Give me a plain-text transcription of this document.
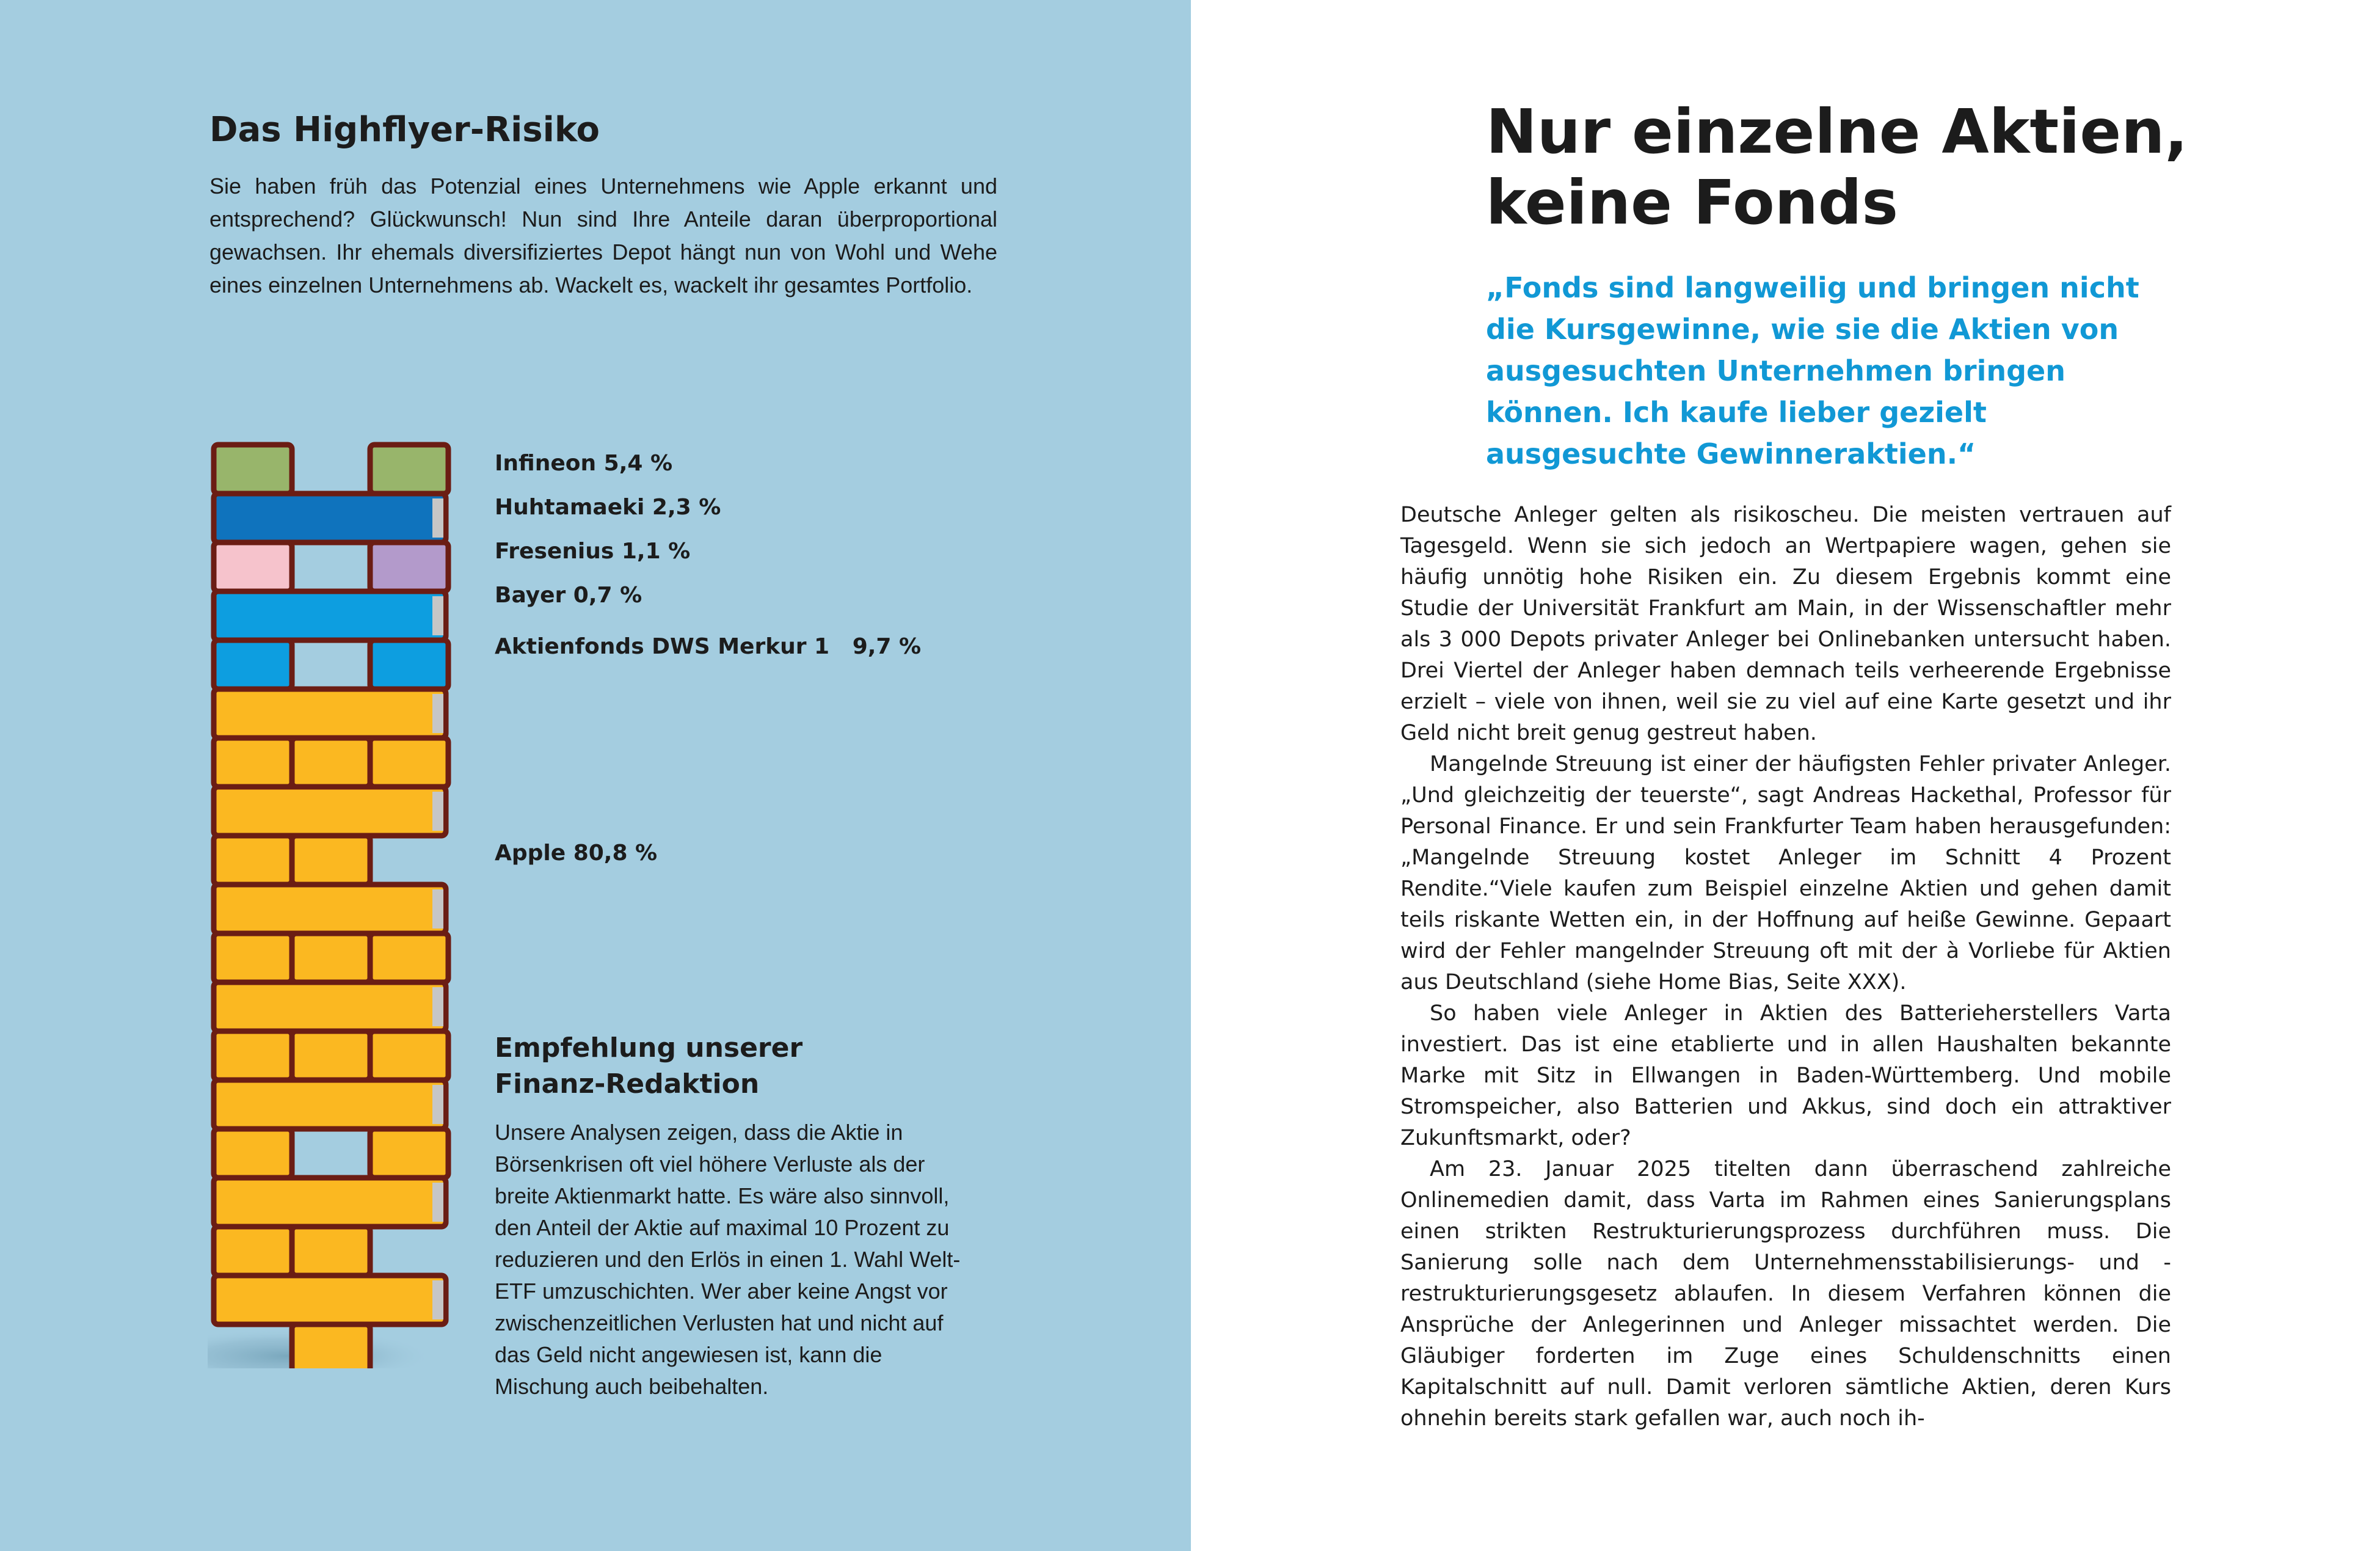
Das Highflyer-Risiko

Sie haben früh das Potenzial eines Unternehmens wie Apple erkannt und entsprechend? Glückwunsch! Nun sind Ihre Anteile daran überproportional gewachsen. Ihr ehemals diversifiziertes Depot hängt nun von Wohl und Wehe eines einzelnen Unternehmens ab. Wackelt es, wackelt ihr gesamtes Portfolio.

Infineon 5,4 %
Huhtamaeki 2,3 %
Fresenius 1,1 %
Bayer 0,7 %
Aktienfonds DWS Merkur 1   9,7 %
Apple 80,8 %
Empfehlung unserer Finanz-Redaktion

Unsere Analysen zeigen, dass die Aktie in Börsenkrisen oft viel höhere Verluste als der breite Aktienmarkt hatte. Es wäre also sinnvoll, den Anteil der Aktie auf maximal 10 Prozent zu reduzieren und den Erlös in einen 1. Wahl Welt-ETF umzuschichten. Wer aber keine Angst vor zwischenzeitlichen Verlusten hat und nicht auf das Geld nicht angewiesen ist, kann die Mischung auch beibehalten.

Nur einzelne Aktien,
keine Fonds

„Fonds sind langweilig und bringen nicht die Kursgewinne, wie sie die Aktien von ausgesuchten Unternehmen bringen können. Ich kaufe lieber gezielt ausgesuchte Gewinneraktien.“

Deutsche Anleger gelten als risikoscheu. Die meisten vertrauen auf Tagesgeld. Wenn sie sich jedoch an Wertpapiere wagen, gehen sie häufig unnötig hohe Risiken ein. Zu diesem Ergebnis kommt eine Studie der Universität Frankfurt am Main, in der Wissenschaftler mehr als 3 000 Depots privater Anleger bei Onlinebanken untersucht haben. Drei Viertel der Anleger haben demnach teils verheerende Ergebnisse erzielt – viele von ihnen, weil sie zu viel auf eine Karte gesetzt und ihr Geld nicht breit genug gestreut haben.

Mangelnde Streuung ist einer der häufigsten Fehler privater Anleger. „Und gleichzeitig der teuerste“, sagt Andreas Hackethal, Professor für Personal Finance. Er und sein Frankfurter Team haben herausgefunden: „Mangelnde Streuung kostet Anleger im Schnitt 4 Prozent Rendite.“Viele kaufen zum Beispiel einzelne Aktien und gehen damit teils riskante Wetten ein, in der Hoffnung auf heiße Gewinne. Gepaart wird der Fehler mangelnder Streuung oft mit der à Vorliebe für Aktien aus Deutschland (siehe Home Bias, Seite XXX).

So haben viele Anleger in Aktien des Batterieherstellers Varta investiert. Das ist eine etablierte und in allen Haushalten bekannte Marke mit Sitz in Ellwangen in Baden-Württemberg. Und mobile Stromspeicher, also Batterien und Akkus, sind doch ein attraktiver Zukunftsmarkt, oder?

Am 23. Januar 2025 titelten dann überraschend zahlreiche Onlinemedien damit, dass Varta im Rahmen eines Sanierungsplans einen strikten Restrukturierungsprozess durchführen muss. Die Sanierung solle nach dem Unternehmensstabilisierungs- und -restrukturierungsgesetz ablaufen. In diesem Verfahren können die Ansprüche der Anlegerinnen und Anleger missachtet werden. Die Gläubiger forderten im Zuge eines Schuldenschnitts einen Kapitalschnitt auf null. Damit verloren sämtliche Aktien, deren Kurs ohnehin bereits stark gefallen war, auch noch ih-
